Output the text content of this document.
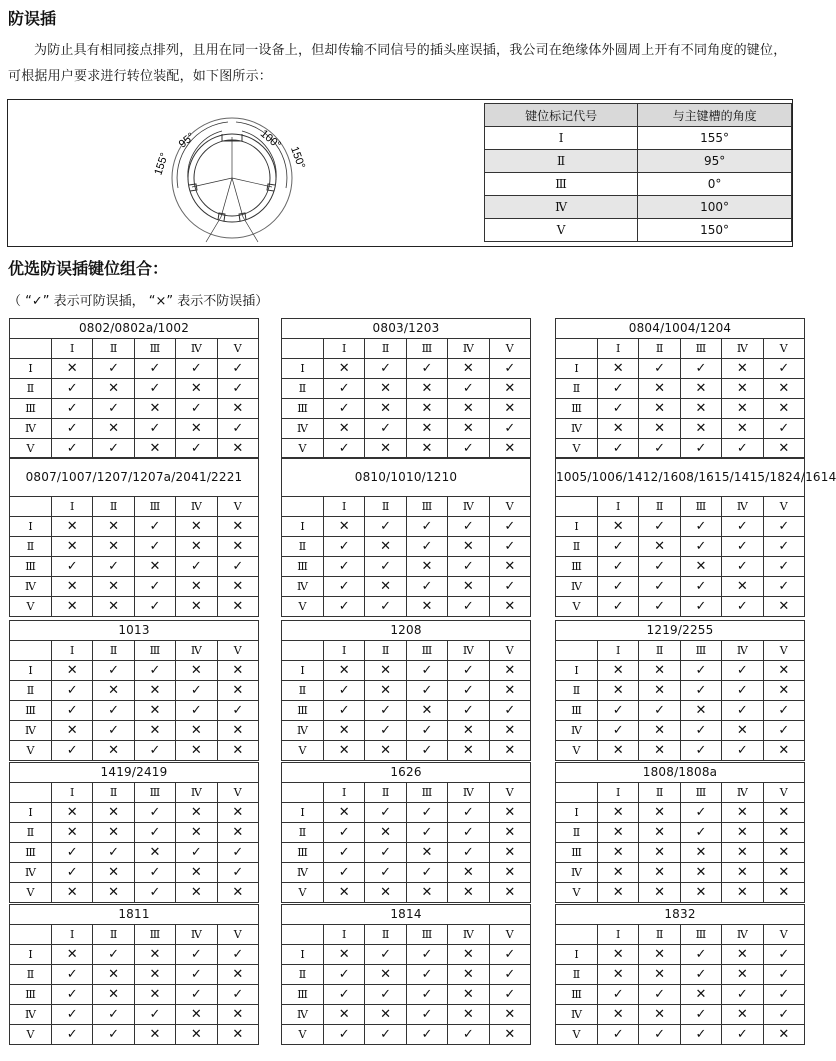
防误插

为防止具有相同接点排列，且用在同一设备上，但却传输不同信号的插头座误插，我公司在绝缘体外圆周上开有不同角度的键位，可根据用户要求进行转位装配，如下图所示：

155°
95°	100°
150°
键位标记代号	与主键槽的角度
Ⅰ	155°
Ⅱ	95°
Ⅲ	0°
Ⅳ	100°
Ⅴ	150°
优选防误插键位组合：

（ “✓” 表示可防误插， “×” 表示不防误插）

0802/0802a/1002					
	Ⅰ	Ⅱ	Ⅲ	Ⅳ	Ⅴ
Ⅰ	✕	✓	✓	✓	✓
Ⅱ	✓	✕	✓	✕	✓
Ⅲ	✓	✓	✕	✓	✕
Ⅳ	✓	✕	✓	✕	✓
Ⅴ	✓	✓	✕	✓	✕
0803/1203					
	Ⅰ	Ⅱ	Ⅲ	Ⅳ	Ⅴ
Ⅰ	✕	✓	✓	✕	✓
Ⅱ	✓	✕	✕	✓	✕
Ⅲ	✓	✕	✕	✕	✕
Ⅳ	✕	✓	✕	✕	✓
Ⅴ	✓	✕	✕	✓	✕
0804/1004/1204					
	Ⅰ	Ⅱ	Ⅲ	Ⅳ	Ⅴ
Ⅰ	✕	✓	✓	✕	✓
Ⅱ	✓	✕	✕	✕	✕
Ⅲ	✓	✕	✕	✕	✕
Ⅳ	✕	✕	✕	✕	✓
Ⅴ	✓	✓	✓	✓	✕
0807/1007/1207/1207a/2041/2221					
	Ⅰ	Ⅱ	Ⅲ	Ⅳ	Ⅴ
Ⅰ	✕	✕	✓	✕	✕
Ⅱ	✕	✕	✓	✕	✕
Ⅲ	✓	✓	✕	✓	✓
Ⅳ	✕	✕	✓	✕	✕
Ⅴ	✕	✕	✓	✕	✕
0810/1010/1210					
	Ⅰ	Ⅱ	Ⅲ	Ⅳ	Ⅴ
Ⅰ	✕	✓	✓	✓	✓
Ⅱ	✓	✕	✓	✕	✓
Ⅲ	✓	✓	✕	✓	✕
Ⅳ	✓	✕	✓	✕	✓
Ⅴ	✓	✓	✕	✓	✕
1005/1006/1412/1608/1615/1415/1824/1614					
	Ⅰ	Ⅱ	Ⅲ	Ⅳ	Ⅴ
Ⅰ	✕	✓	✓	✓	✓
Ⅱ	✓	✕	✓	✓	✓
Ⅲ	✓	✓	✕	✓	✓
Ⅳ	✓	✓	✓	✕	✓
Ⅴ	✓	✓	✓	✓	✕
1013					
	Ⅰ	Ⅱ	Ⅲ	Ⅳ	Ⅴ
Ⅰ	✕	✓	✓	✕	✕
Ⅱ	✓	✕	✕	✓	✕
Ⅲ	✓	✓	✕	✓	✓
Ⅳ	✕	✓	✕	✕	✕
Ⅴ	✓	✕	✓	✕	✕
1208					
	Ⅰ	Ⅱ	Ⅲ	Ⅳ	Ⅴ
Ⅰ	✕	✕	✓	✓	✕
Ⅱ	✓	✕	✓	✓	✕
Ⅲ	✓	✓	✕	✓	✓
Ⅳ	✕	✓	✓	✕	✕
Ⅴ	✕	✕	✓	✕	✕
1219/2255					
	Ⅰ	Ⅱ	Ⅲ	Ⅳ	Ⅴ
Ⅰ	✕	✕	✓	✓	✕
Ⅱ	✕	✕	✓	✓	✕
Ⅲ	✓	✓	✕	✓	✓
Ⅳ	✓	✕	✓	✕	✓
Ⅴ	✕	✕	✓	✓	✕
1419/2419					
	Ⅰ	Ⅱ	Ⅲ	Ⅳ	Ⅴ
Ⅰ	✕	✕	✓	✕	✕
Ⅱ	✕	✕	✓	✕	✕
Ⅲ	✓	✓	✕	✓	✓
Ⅳ	✓	✕	✓	✕	✓
Ⅴ	✕	✕	✓	✕	✕
1626					
	Ⅰ	Ⅱ	Ⅲ	Ⅳ	Ⅴ
Ⅰ	✕	✓	✓	✓	✕
Ⅱ	✓	✕	✓	✓	✕
Ⅲ	✓	✓	✕	✓	✕
Ⅳ	✓	✓	✓	✕	✕
Ⅴ	✕	✕	✕	✕	✕
1808/1808a					
	Ⅰ	Ⅱ	Ⅲ	Ⅳ	Ⅴ
Ⅰ	✕	✕	✓	✕	✕
Ⅱ	✕	✕	✓	✕	✕
Ⅲ	✕	✕	✕	✕	✕
Ⅳ	✕	✕	✕	✕	✕
Ⅴ	✕	✕	✕	✕	✕
1811					
	Ⅰ	Ⅱ	Ⅲ	Ⅳ	Ⅴ
Ⅰ	✕	✓	✕	✓	✓
Ⅱ	✓	✕	✕	✓	✕
Ⅲ	✓	✕	✕	✓	✓
Ⅳ	✓	✓	✓	✕	✕
Ⅴ	✓	✓	✕	✕	✕
1814					
	Ⅰ	Ⅱ	Ⅲ	Ⅳ	Ⅴ
Ⅰ	✕	✓	✓	✕	✓
Ⅱ	✓	✕	✓	✕	✓
Ⅲ	✓	✓	✓	✕	✓
Ⅳ	✕	✕	✓	✕	✕
Ⅴ	✓	✓	✓	✓	✕
1832					
	Ⅰ	Ⅱ	Ⅲ	Ⅳ	Ⅴ
Ⅰ	✕	✕	✓	✕	✓
Ⅱ	✕	✕	✓	✕	✓
Ⅲ	✓	✓	✕	✓	✓
Ⅳ	✕	✕	✓	✕	✓
Ⅴ	✓	✓	✓	✓	✕
